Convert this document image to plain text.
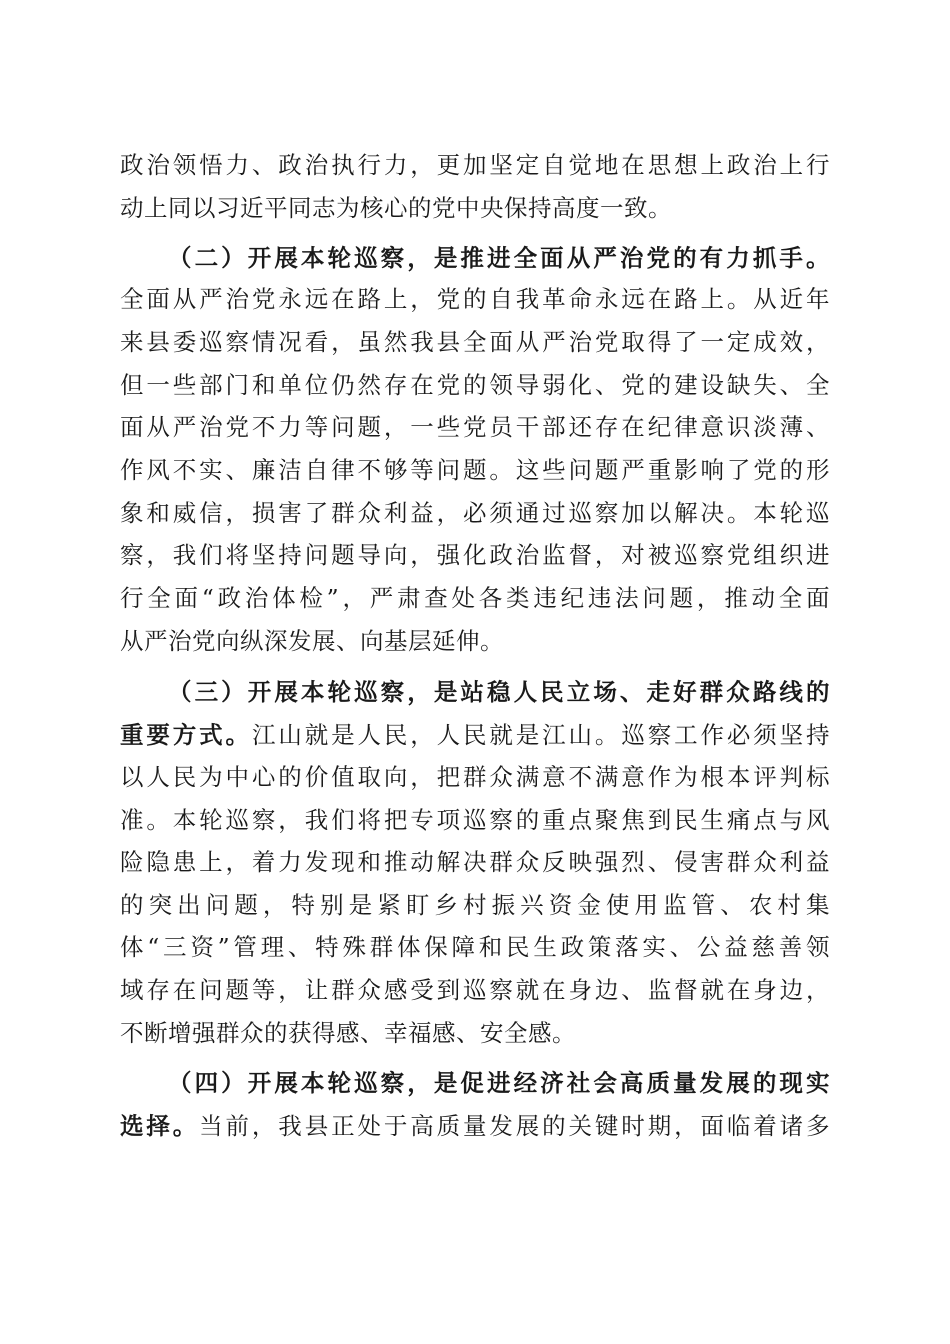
政治领悟力、政治执行力，更加坚定自觉地在思想上政治上行
动上同以习近平同志为核心的党中央保持高度一致。
（二）开展本轮巡察，是推进全面从严治党的有力抓手。
全面从严治党永远在路上，党的自我革命永远在路上。从近年
来县委巡察情况看，虽然我县全面从严治党取得了一定成效，
但一些部门和单位仍然存在党的领导弱化、党的建设缺失、全
面从严治党不力等问题，一些党员干部还存在纪律意识淡薄、
作风不实、廉洁自律不够等问题。这些问题严重影响了党的形
象和威信，损害了群众利益，必须通过巡察加以解决。本轮巡
察，我们将坚持问题导向，强化政治监督，对被巡察党组织进
行全面“政治体检”，严肃查处各类违纪违法问题，推动全面
从严治党向纵深发展、向基层延伸。
（三）开展本轮巡察，是站稳人民立场、走好群众路线的
重要方式。江山就是人民，人民就是江山。巡察工作必须坚持
以人民为中心的价值取向，把群众满意不满意作为根本评判标
准。本轮巡察，我们将把专项巡察的重点聚焦到民生痛点与风
险隐患上，着力发现和推动解决群众反映强烈、侵害群众利益
的突出问题，特别是紧盯乡村振兴资金使用监管、农村集
体“三资”管理、特殊群体保障和民生政策落实、公益慈善领
域存在问题等，让群众感受到巡察就在身边、监督就在身边，
不断增强群众的获得感、幸福感、安全感。
（四）开展本轮巡察，是促进经济社会高质量发展的现实
选择。当前，我县正处于高质量发展的关键时期，面临着诸多
